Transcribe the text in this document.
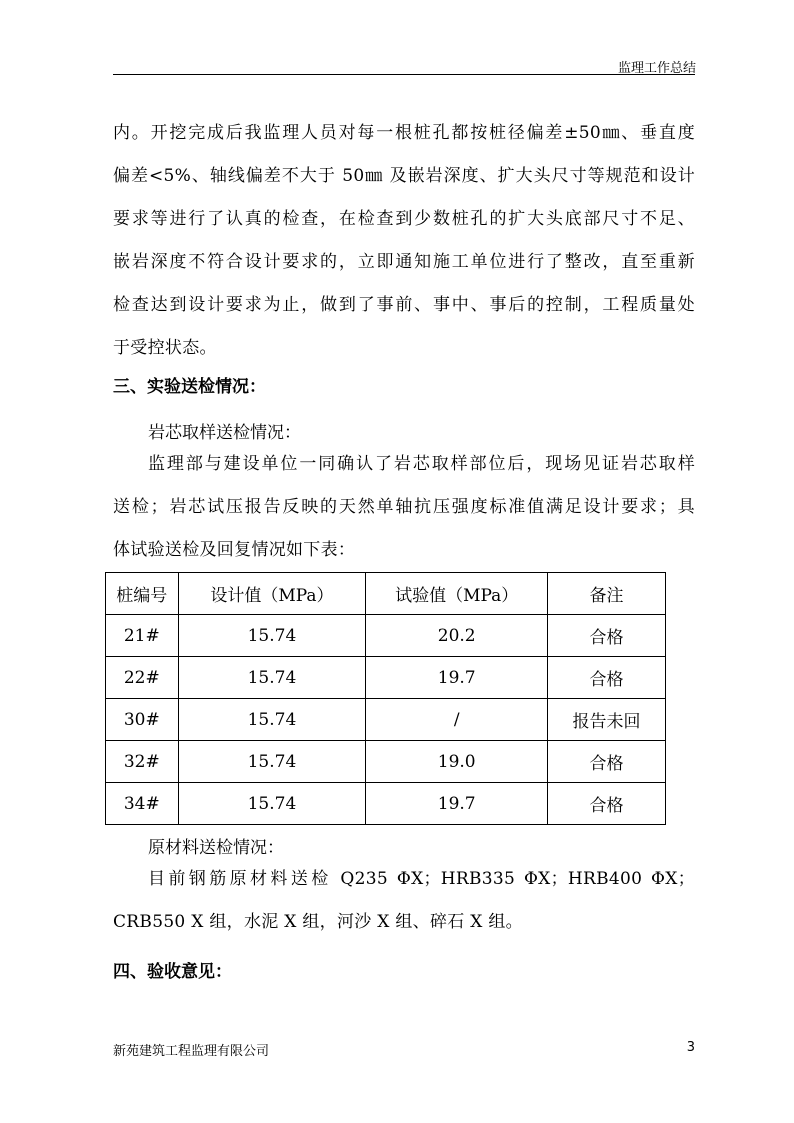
监理工作总结
内。开挖完成后我监理人员对每一根桩孔都按桩径偏差±50㎜、垂直度
偏差<5%、轴线偏差不大于 50㎜ 及嵌岩深度、扩大头尺寸等规范和设计
要求等进行了认真的检查，在检查到少数桩孔的扩大头底部尺寸不足、
嵌岩深度不符合设计要求的，立即通知施工单位进行了整改，直至重新
检查达到设计要求为止，做到了事前、事中、事后的控制，工程质量处
于受控状态。
三、实验送检情况：

岩芯取样送检情况：

监理部与建设单位一同确认了岩芯取样部位后，现场见证岩芯取样
送检；岩芯试压报告反映的天然单轴抗压强度标准值满足设计要求；具
体试验送检及回复情况如下表：
桩编号	设计值（MPa）	试验值（MPa）	备注
21#	15.74	20.2	合格
22#	15.74	19.7	合格
30#	15.74	/	报告未回
32#	15.74	19.0	合格
34#	15.74	19.7	合格

原材料送检情况：

目前钢筋原材料送检 Q235 ΦX；HRB335 ΦX；HRB400 ΦX；
CRB550 X 组，水泥 X 组，河沙 X 组、碎石 X 组。
四、验收意见：
新苑建筑工程监理有限公司	3
